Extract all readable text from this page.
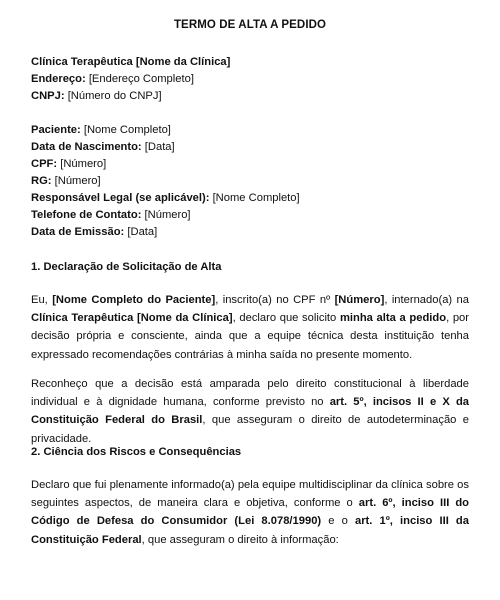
TERMO DE ALTA A PEDIDO
Clínica Terapêutica [Nome da Clínica]
Endereço: [Endereço Completo]
CNPJ: [Número do CNPJ]
Paciente: [Nome Completo]
Data de Nascimento: [Data]
CPF: [Número]
RG: [Número]
Responsável Legal (se aplicável): [Nome Completo]
Telefone de Contato: [Número]
Data de Emissão: [Data]
1. Declaração de Solicitação de Alta
Eu, [Nome Completo do Paciente], inscrito(a) no CPF nº [Número], internado(a) na Clínica Terapêutica [Nome da Clínica], declaro que solicito minha alta a pedido, por decisão própria e consciente, ainda que a equipe técnica desta instituição tenha expressado recomendações contrárias à minha saída no presente momento.
Reconheço que a decisão está amparada pelo direito constitucional à liberdade individual e à dignidade humana, conforme previsto no art. 5º, incisos II e X da Constituição Federal do Brasil, que asseguram o direito de autodeterminação e privacidade.
2. Ciência dos Riscos e Consequências
Declaro que fui plenamente informado(a) pela equipe multidisciplinar da clínica sobre os seguintes aspectos, de maneira clara e objetiva, conforme o art. 6º, inciso III do Código de Defesa do Consumidor (Lei 8.078/1990) e o art. 1º, inciso III da Constituição Federal, que asseguram o direito à informação:
